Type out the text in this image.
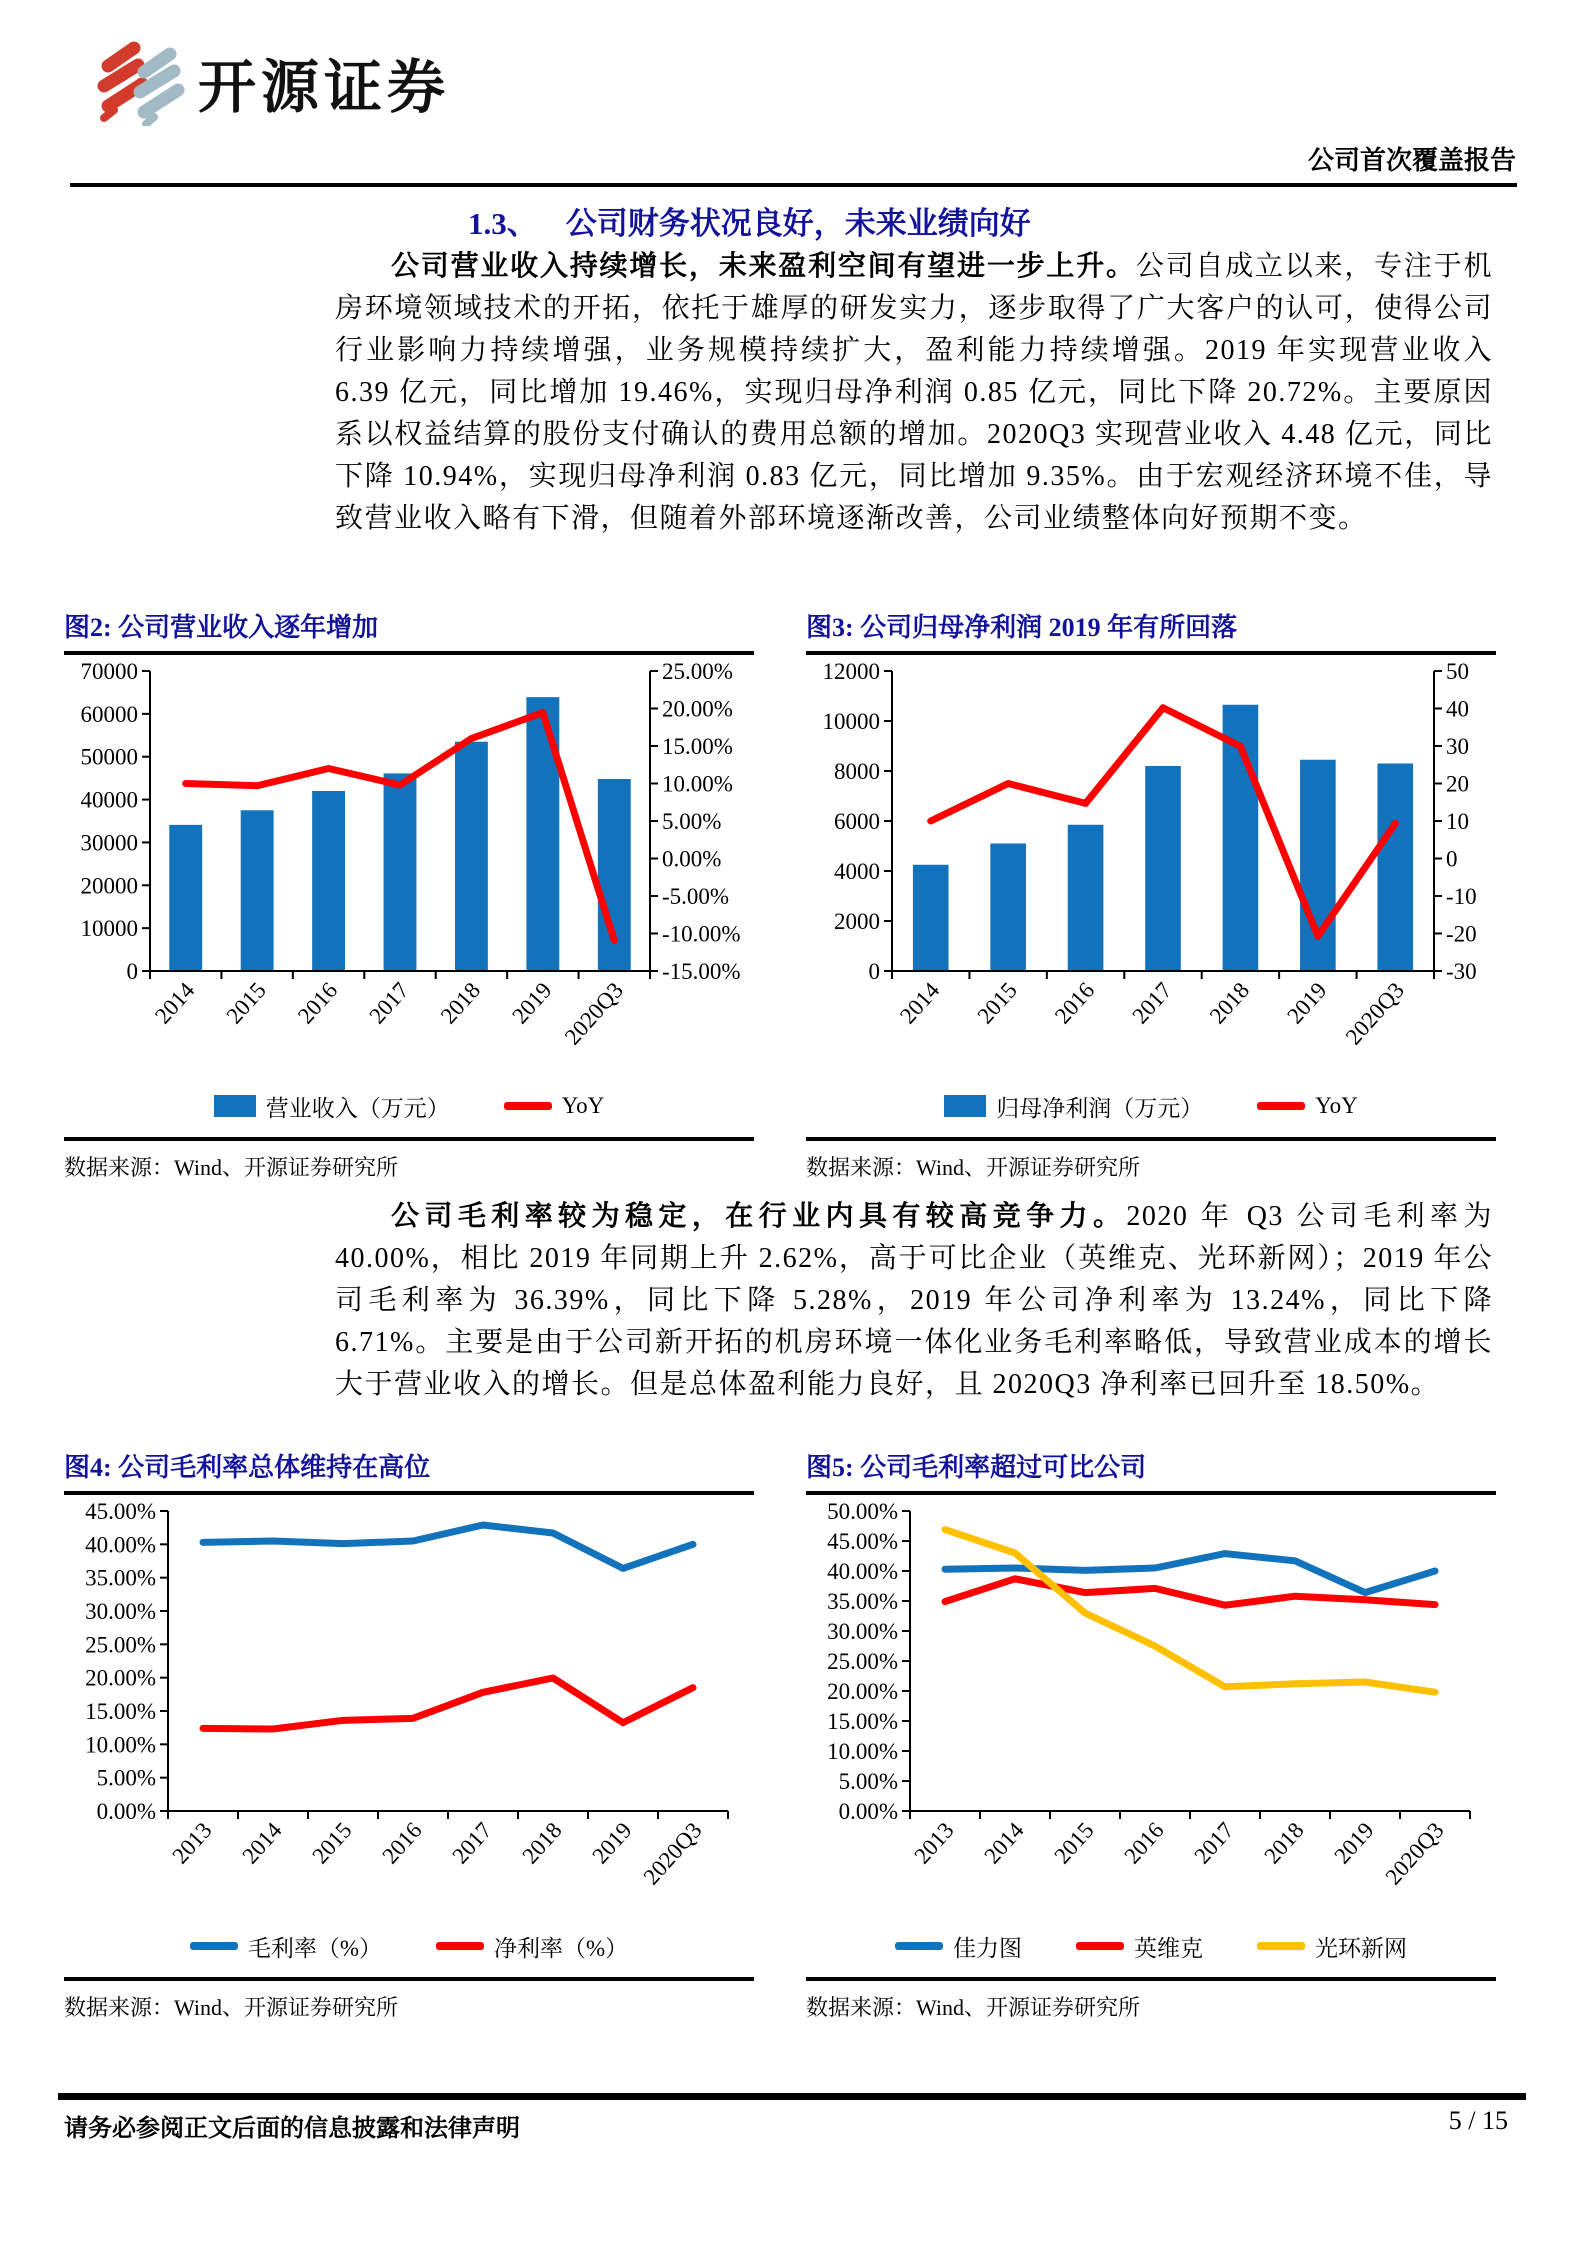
开源证券
公司首次覆盖报告
1.3、 公司财务状况良好，未来业绩向好

公司营业收入持续增长，未来盈利空间有望进一步上升。公司自成立以来，专注于机房环境领域技术的开拓，依托于雄厚的研发实力，逐步取得了广大客户的认可，使得公司行业影响力持续增强，业务规模持续扩大，盈利能力持续增强。2019 年实现营业收入 6.39 亿元，同比增加 19.46%，实现归母净利润 0.85 亿元，同比下降 20.72%。主要原因系以权益结算的股份支付确认的费用总额的增加。2020Q3 实现营业收入 4.48 亿元，同比下降 10.94%，实现归母净利润 0.83 亿元，同比增加 9.35%。由于宏观经济环境不佳，导致营业收入略有下滑，但随着外部环境逐渐改善，公司业绩整体向好预期不变。

图2: 公司营业收入逐年增加
0
10000
20000
30000
40000
50000
60000
70000
-15.00%
-10.00%
-5.00%
0.00%
5.00%
10.00%
15.00%
20.00%
25.00%
2014 2015 2016 2017 2018 2019 2020Q3
营业收入（万元）	YoY
数据来源：Wind、开源证券研究所
图3: 公司归母净利润 2019 年有所回落
0
2000
4000
6000
8000
10000
12000
-30
-20
-10
0
10
20
30
40
50
2014 2015 2016 2017 2018 2019 2020Q3
归母净利润（万元）	YoY
数据来源：Wind、开源证券研究所

公司毛利率较为稳定，在行业内具有较高竞争力。2020 年 Q3 公司毛利率为 40.00%，相比 2019 年同期上升 2.62%，高于可比企业（英维克、光环新网）；2019 年公司毛利率为 36.39%，同比下降 5.28%，2019 年公司净利率为 13.24%，同比下降 6.71%。主要是由于公司新开拓的机房环境一体化业务毛利率略低，导致营业成本的增长大于营业收入的增长。但是总体盈利能力良好，且 2020Q3 净利率已回升至 18.50%。

图4: 公司毛利率总体维持在高位
0.00%
5.00%
10.00%
15.00%
20.00%
25.00%
30.00%
35.00%
40.00%
45.00%
2013 2014 2015 2016 2017 2018 2019 2020Q3
毛利率（%）	净利率（%）
数据来源：Wind、开源证券研究所
图5: 公司毛利率超过可比公司
0.00%
5.00%
10.00%
15.00%
20.00%
25.00%
30.00%
35.00%
40.00%
45.00%
50.00%
2013 2014 2015 2016 2017 2018 2019 2020Q3
佳力图	英维克	光环新网
数据来源：Wind、开源证券研究所
请务必参阅正文后面的信息披露和法律声明	5 / 15
